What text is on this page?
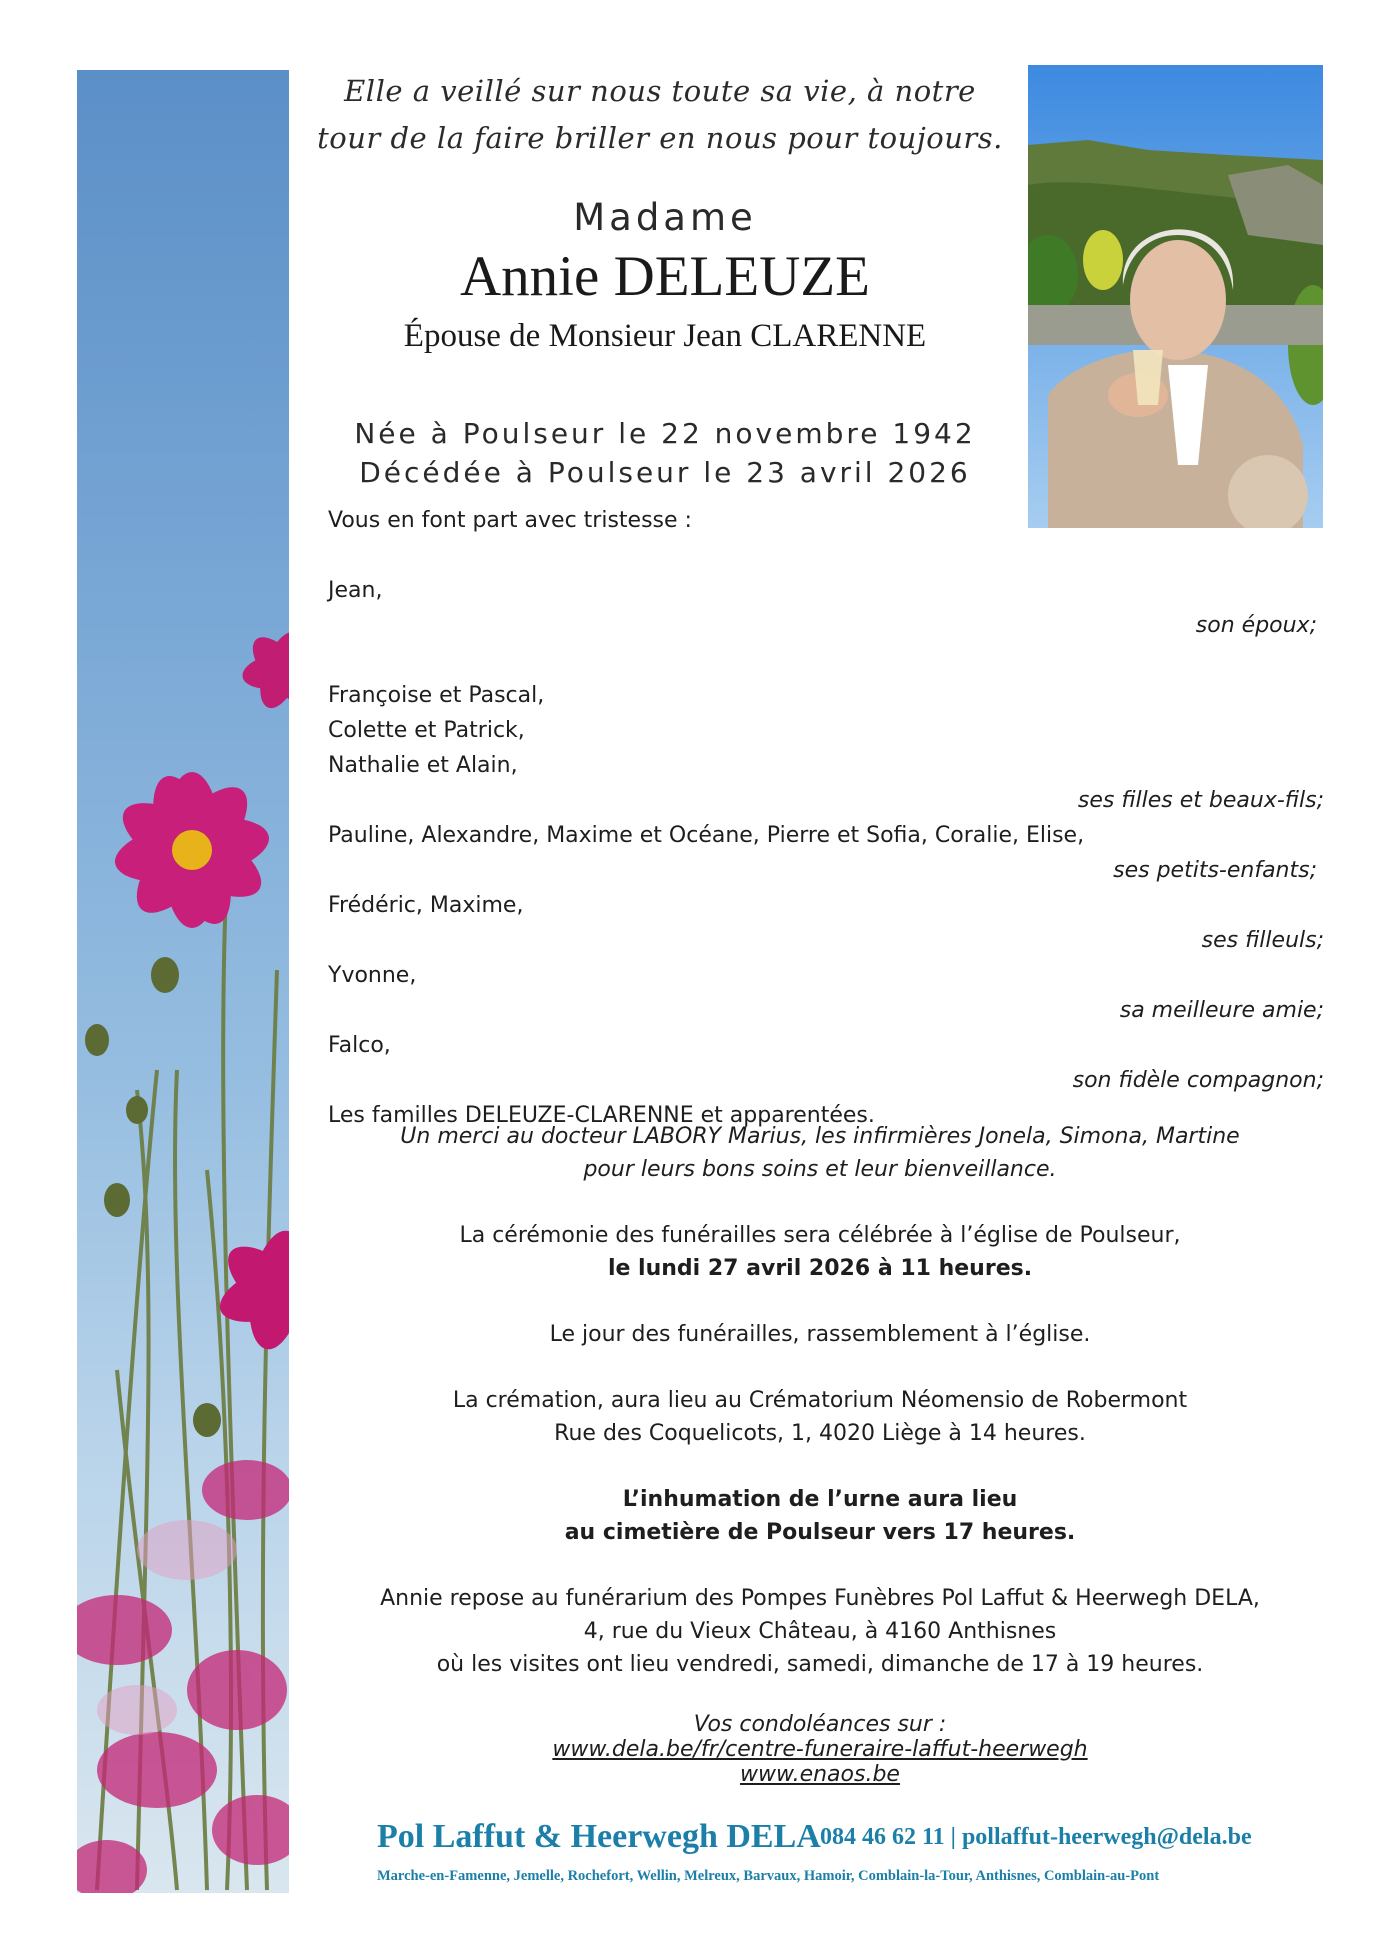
Elle a veillé sur nous toute sa vie, à notre
tour de la faire briller en nous pour toujours.
Madame
Annie DELEUZE
Épouse de Monsieur Jean CLARENNE
Née à Poulseur le 22 novembre 1942
Décédée à Poulseur le 23 avril 2026
Vous en font part avec tristesse :

Jean,
son époux;

Françoise et Pascal,
Colette et Patrick,
Nathalie et Alain,
ses filles et beaux-fils;
Pauline, Alexandre, Maxime et Océane, Pierre et Sofia, Coralie, Elise,
ses petits-enfants;
Frédéric, Maxime,
ses filleuls;
Yvonne,
sa meilleure amie;
Falco,
son fidèle compagnon;
Les familles DELEUZE-CLARENNE et apparentées.
Un merci au docteur LABORY Marius, les infirmières Jonela, Simona, Martine
pour leurs bons soins et leur bienveillance.
La cérémonie des funérailles sera célébrée à l’église de Poulseur,
le lundi 27 avril 2026 à 11 heures.
Le jour des funérailles, rassemblement à l’église.
La crémation, aura lieu au Crématorium Néomensio de Robermont
Rue des Coquelicots, 1, 4020 Liège à 14 heures.
L’inhumation de l’urne aura lieu
au cimetière de Poulseur vers 17 heures.
Annie repose au funérarium des Pompes Funèbres Pol Laffut & Heerwegh DELA,
4, rue du Vieux Château, à 4160 Anthisnes
où les visites ont lieu vendredi, samedi, dimanche de 17 à 19 heures.
Vos condoléances sur :
www.dela.be/fr/centre-funeraire-laffut-heerwegh
www.enaos.be
Pol Laffut & Heerwegh DELA 084 46 62 11 | pollaffut-heerwegh@dela.be
Marche-en-Famenne, Jemelle, Rochefort, Wellin, Melreux, Barvaux, Hamoir, Comblain-la-Tour, Anthisnes, Comblain-au-Pont
